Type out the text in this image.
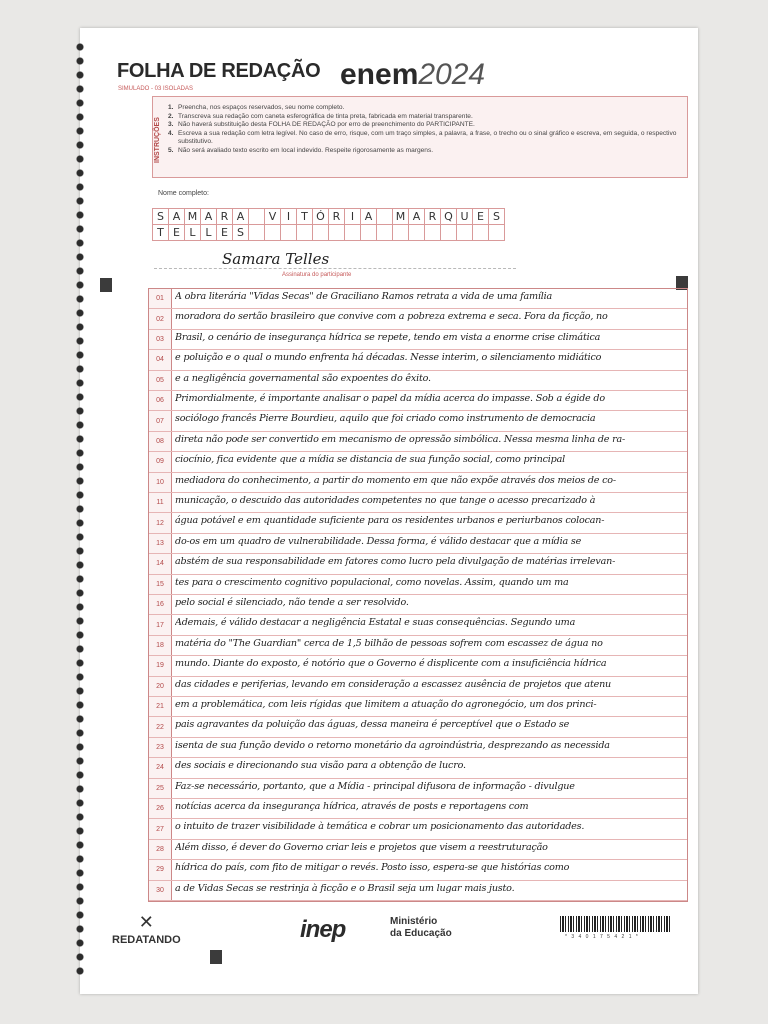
FOLHA DE REDAÇÃO
SIMULADO - 03 ISOLADAS	enem2024
INSTRUÇÕES
1. Preencha, nos espaços reservados, seu nome completo.
2. Transcreva sua redação com caneta esferográfica de tinta preta, fabricada em material transparente.
3. Não haverá substituição desta FOLHA DE REDAÇÃO por erro de preenchimento do PARTICIPANTE.
4. Escreva a sua redação com letra legível. No caso de erro, risque, com um traço simples, a palavra, a frase, o trecho ou o sinal gráfico e escreva, em seguida, o respectivo substitutivo.
5. Não será avaliado texto escrito em local indevido. Respeite rigorosamente as margens.
Nome completo:
S A M A R A	V I	T Ó R I A	M A R Q U E S
T E L L E S
Samara Telles
Assinatura do participante
01	A obra literária "Vidas Secas" de Graciliano Ramos retrata a vida de uma família
02	moradora do sertão brasileiro que convive com a pobreza extrema e seca. Fora da ficção, no
03	Brasil, o cenário de insegurança hídrica se repete, tendo em vista a enorme crise climática
04	e poluição e o qual o mundo enfrenta há décadas. Nesse interim, o silenciamento midiático
05	e a negligência governamental são expoentes do êxito.
06	Primordialmente, é importante analisar o papel da mídia acerca do impasse. Sob a égide do
07	sociólogo francês Pierre Bourdieu, aquilo que foi criado como instrumento de democracia
08	direta não pode ser convertido em mecanismo de opressão simbólica. Nessa mesma linha de ra-
09	ciocínio, fica evidente que a mídia se distancia de sua função social, como principal
10	mediadora do conhecimento, a partir do momento em que não expõe através dos meios de co-
11	municação, o descuido das autoridades competentes no que tange o acesso precarizado à
12	água potável e em quantidade suficiente para os residentes urbanos e periurbanos colocan-
13	do-os em um quadro de vulnerabilidade. Dessa forma, é válido destacar que a mídia se
14	abstém de sua responsabilidade em fatores como lucro pela divulgação de matérias irrelevan-
15	tes para o crescimento cognitivo populacional, como novelas. Assim, quando um ma
16	pelo social é silenciado, não tende a ser resolvido.
17	Ademais, é válido destacar a negligência Estatal e suas consequências. Segundo uma
18	matéria do "The Guardian" cerca de 1,5 bilhão de pessoas sofrem com escassez de água no
19	mundo. Diante do exposto, é notório que o Governo é displicente com a insuficiência hídrica
20	das cidades e periferias, levando em consideração a escassez ausência de projetos que atenu
21	em a problemática, com leis rígidas que limitem a atuação do agronegócio, um dos princi-
22	pais agravantes da poluição das águas, dessa maneira é perceptível que o Estado se
23	isenta de sua função devido o retorno monetário da agroindústria, desprezando as necessida
24	des sociais e direcionando sua visão para a obtenção de lucro.
25	Faz-se necessário, portanto, que a Mídia - principal difusora de informação - divulgue
26	notícias acerca da insegurança hídrica, através de posts e reportagens com
27	o intuito de trazer visibilidade à temática e cobrar um posicionamento das autoridades.
28	Além disso, é dever do Governo criar leis e projetos que visem a reestruturação
29	hídrica do país, com fito de mitigar o revés. Posto isso, espera-se que histórias como
30	a de Vidas Secas se restrinja à ficção e o Brasil seja um lugar mais justo.
✕
REDATANDO	inep	Ministério
da Educação	* 3 4 0 1 7 5 4 2 1 *
